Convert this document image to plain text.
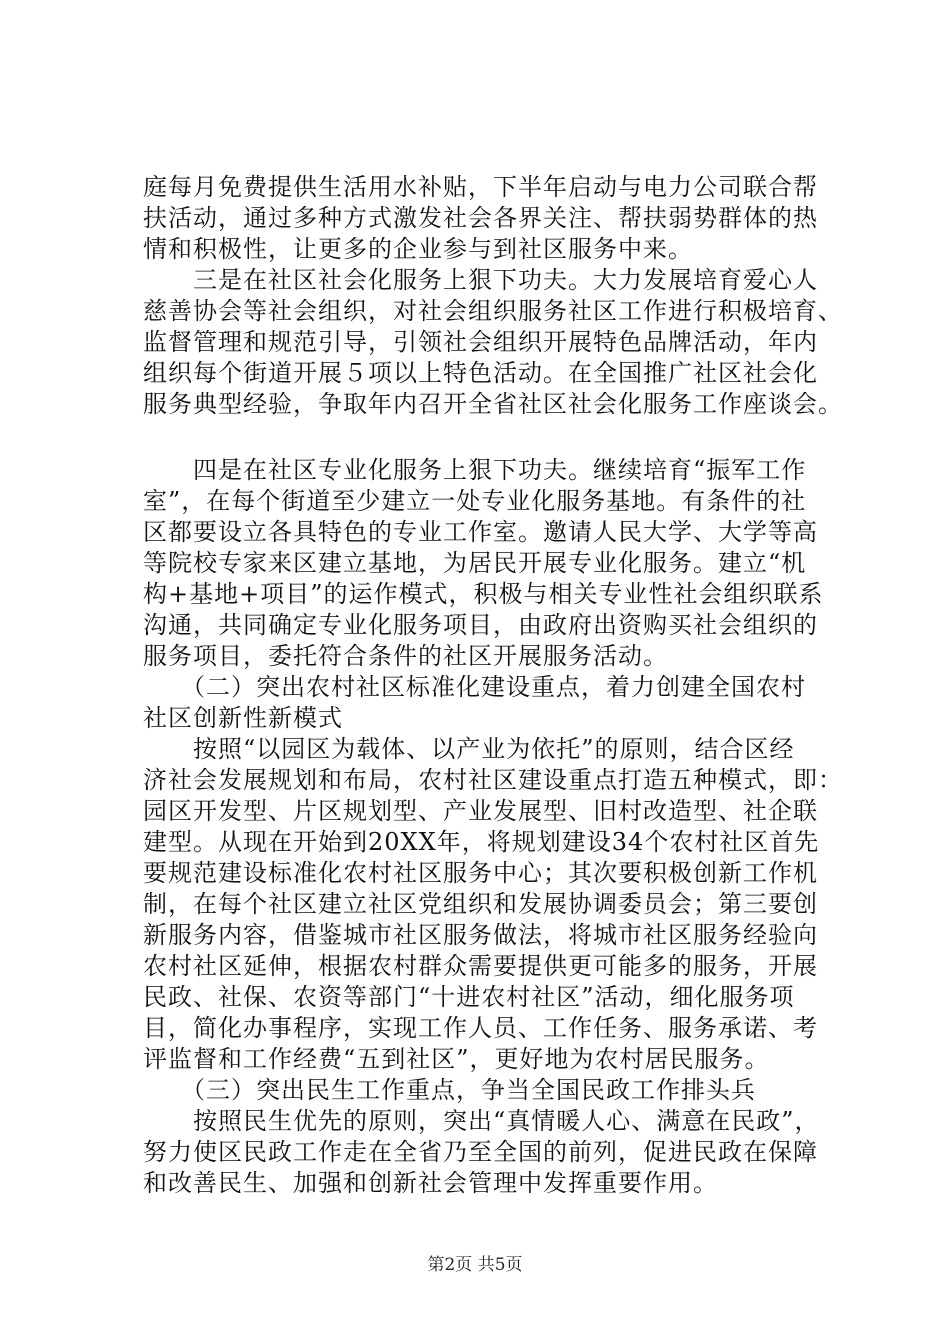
庭每月免费提供生活用水补贴，下半年启动与电力公司联合帮
扶活动，通过多种方式激发社会各界关注、帮扶弱势群体的热
情和积极性，让更多的企业参与到社区服务中来。
　　三是在社区社会化服务上狠下功夫。大力发展培育爱心人
慈善协会等社会组织，对社会组织服务社区工作进行积极培育、
监督管理和规范引导，引领社会组织开展特色品牌活动，年内
组织每个街道开展５项以上特色活动。在全国推广社区社会化
服务典型经验，争取年内召开全省社区社会化服务工作座谈会。
　　四是在社区专业化服务上狠下功夫。继续培育“振军工作
室”，在每个街道至少建立一处专业化服务基地。有条件的社
区都要设立各具特色的专业工作室。邀请人民大学、大学等高
等院校专家来区建立基地，为居民开展专业化服务。建立“机
构+基地+项目”的运作模式，积极与相关专业性社会组织联系
沟通，共同确定专业化服务项目，由政府出资购买社会组织的
服务项目，委托符合条件的社区开展服务活动。
　　（二）突出农村社区标准化建设重点，着力创建全国农村
社区创新性新模式
　　按照“以园区为载体、以产业为依托”的原则，结合区经
济社会发展规划和布局，农村社区建设重点打造五种模式，即：
园区开发型、片区规划型、产业发展型、旧村改造型、社企联
建型。从现在开始到20XX年，将规划建设34个农村社区首先
要规范建设标准化农村社区服务中心；其次要积极创新工作机
制，在每个社区建立社区党组织和发展协调委员会；第三要创
新服务内容，借鉴城市社区服务做法，将城市社区服务经验向
农村社区延伸，根据农村群众需要提供更可能多的服务，开展
民政、社保、农资等部门“十进农村社区”活动，细化服务项
目，简化办事程序，实现工作人员、工作任务、服务承诺、考
评监督和工作经费“五到社区”，更好地为农村居民服务。
　　（三）突出民生工作重点，争当全国民政工作排头兵
　　按照民生优先的原则，突出“真情暖人心、满意在民政”，
努力使区民政工作走在全省乃至全国的前列，促进民政在保障
和改善民生、加强和创新社会管理中发挥重要作用。
第2页 共5页
